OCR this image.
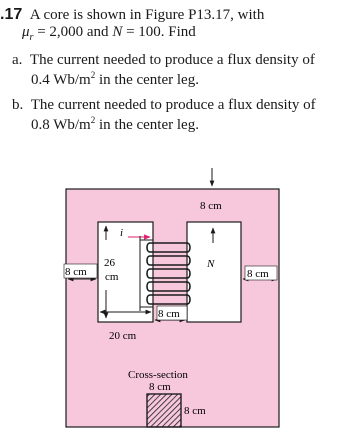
.17 A core is shown in Figure P13.17, with
$\mu_r = 2,000$ and N = 100. Find
a. The current needed to produce a flux density of
0.4 $Wb/m^2$ in the center leg.
b. The current needed to produce a flux density of
0.8 $Wb/m^2$ in the center leg.
8 cm
N
i
26
cm
8 cm	8 cm
8 cm
20 cm
Cross-section
8 cm
8 cm
